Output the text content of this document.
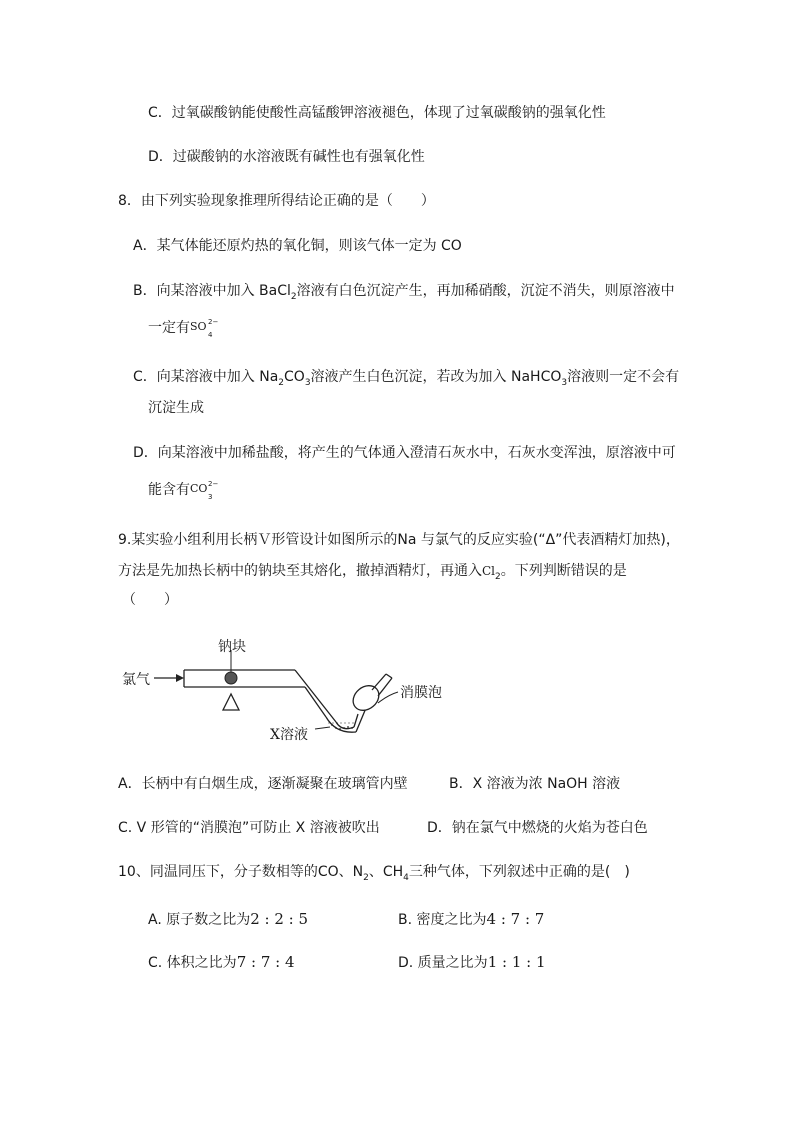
C．过氧碳酸钠能使酸性高锰酸钾溶液褪色，体现了过氧碳酸钠的强氧化性
D．过碳酸钠的水溶液既有碱性也有强氧化性
8．由下列实验现象推理所得结论正确的是（　　）
A．某气体能还原灼热的氧化铜，则该气体一定为 CO
B．向某溶液中加入 BaCl$_2$溶液有白色沉淀产生，再加稀硝酸，沉淀不消失，则原溶液中
一定有 SO 2−
4
C．向某溶液中加入 $Na_2CO_3$溶液产生白色沉淀，若改为加入 NaHCO$_3$溶液则一定不会有
沉淀生成
D．向某溶液中加稀盐酸，将产生的气体通入澄清石灰水中，石灰水变浑浊，原溶液中可
能含有 CO 2−
3
9.某实验小组利用长柄Ｖ形管设计如图所示的Na 与氯气的反应实验(“Δ”代表酒精灯加热)，
方法是先加热长柄中的钠块至其熔化，撤掉酒精灯，再通入$Cl_2$。下列判断错误的是
（　　）
钠块
氯气
X溶液
消膜泡
A．长柄中有白烟生成，逐渐凝聚在玻璃管内壁	B．X 溶液为浓 NaOH 溶液
C. V 形管的“消膜泡”可防止 X 溶液被吹出	D．钠在氯气中燃烧的火焰为苍白色
10、同温同压下，分子数相等的CO、$N_2$、$CH_4$三种气体，下列叙述中正确的是(　)
A. 原子数之比为2 : 2 : 5	B. 密度之比为4 : 7 : 7
C. 体积之比为7 : 7 : 4	D. 质量之比为1 : 1 : 1
